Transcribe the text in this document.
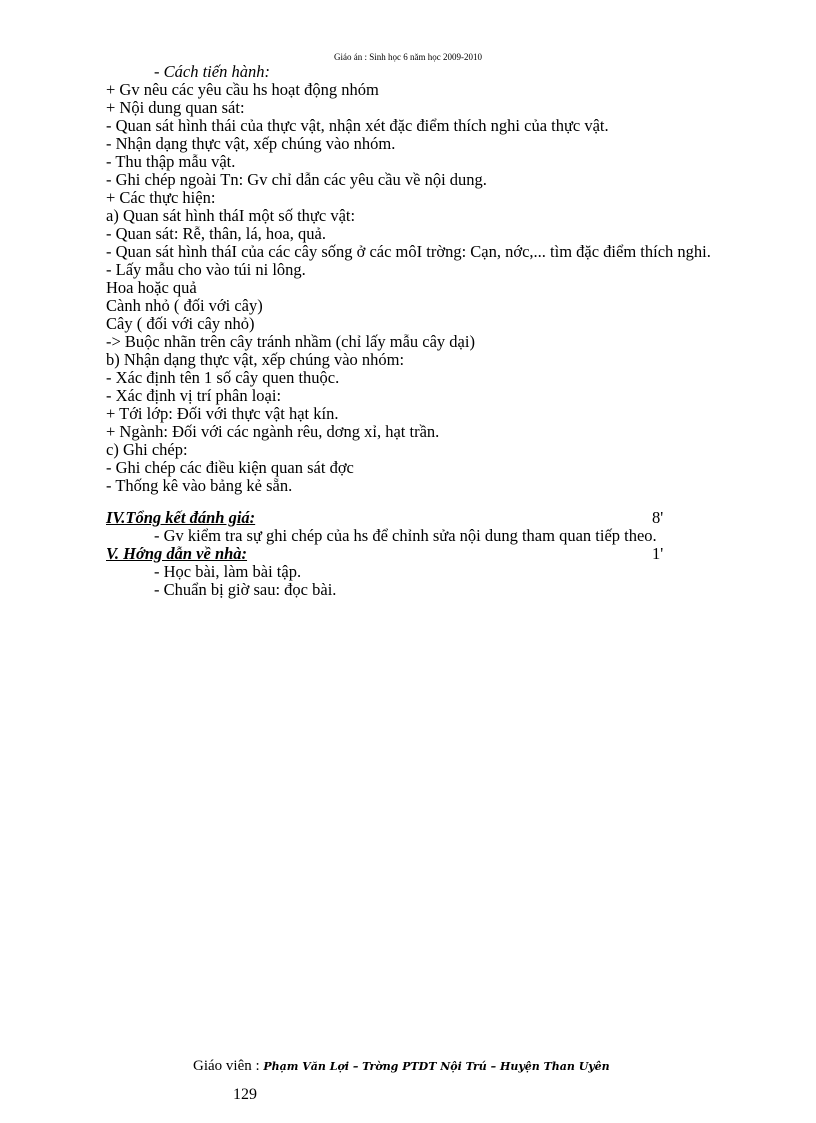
Giáo án : Sinh học 6 năm học 2009-2010
- Cách tiến hành:
+ Gv nêu các yêu cầu hs hoạt động nhóm
+ Nội dung quan sát:
- Quan sát hình thái của thực vật, nhận xét đặc điểm thích nghi của thực vật.
- Nhận dạng thực vật, xếp chúng vào nhóm.
- Thu thập mẫu vật.
- Ghi chép ngoài Tn: Gv chỉ dẫn các yêu cầu về nội dung.
+ Các thực hiện:
a) Quan sát hình tháI một số thực vật:
- Quan sát: Rễ, thân, lá, hoa, quả.
- Quan sát hình tháI của các cây sống ở các môI trờng: Cạn, nớc,... tìm đặc điểm thích nghi.
- Lấy mẫu cho vào túi ni lông.
Hoa hoặc quả
Cành nhỏ ( đối với cây)
Cây ( đối với cây nhỏ)
-> Buộc nhãn trên cây tránh nhầm (chỉ lấy mẫu cây dại)
b) Nhận dạng thực vật, xếp chúng vào nhóm:
- Xác định tên 1 số cây quen thuộc.
- Xác định vị trí phân loại:
+ Tới lớp: Đối với thực vật hạt kín.
+ Ngành: Đối với các ngành rêu, dơng xỉ, hạt trần.
c) Ghi chép:
- Ghi chép các điều kiện quan sát đợc
- Thống kê vào bảng kẻ sẵn.
IV.Tổng kết đánh giá:	8'
- Gv kiểm tra sự ghi chép của hs để chỉnh sửa nội dung tham quan tiếp theo.
V. Hớng dẫn về nhà:	1'
- Học bài, làm bài tập.
- Chuẩn bị giờ sau: đọc bài.
Giáo viên : Phạm Văn Lợi – Trờng PTDT Nội Trú – Huyện Than Uyên
129
